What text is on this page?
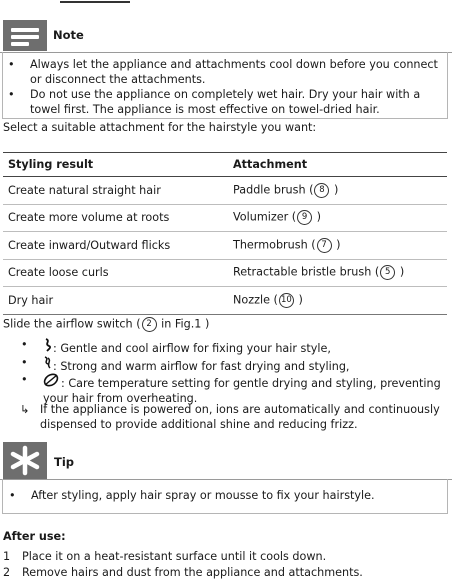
Note
• Always let the appliance and attachments cool down before you connect
or disconnect the attachments.
• Do not use the appliance on completely wet hair. Dry your hair with a
towel first. The appliance is most effective on towel-dried hair.
Select a suitable attachment for the hairstyle you want:
Styling result	Attachment
Create natural straight hair	Paddle brush ( 8 )
Create more volume at roots	Volumizer ( 9 )
Create inward/Outward flicks	Thermobrush ( 7 )
Create loose curls	Retractable bristle brush ( 5 )
Dry hair	Nozzle ( 10 )
Slide the airflow switch ( 2 in Fig.1 )
• : Gentle and cool airflow for fixing your hair style,
• : Strong and warm airflow for fast drying and styling,
•	: Care temperature setting for gentle drying and styling, preventing
your hair from overheating.
↳ If the appliance is powered on, ions are automatically and continuously
dispensed to provide additional shine and reducing frizz.
Tip
• After styling, apply hair spray or mousse to fix your hairstyle.
After use:
1 Place it on a heat-resistant surface until it cools down.
2 Remove hairs and dust from the appliance and attachments.
